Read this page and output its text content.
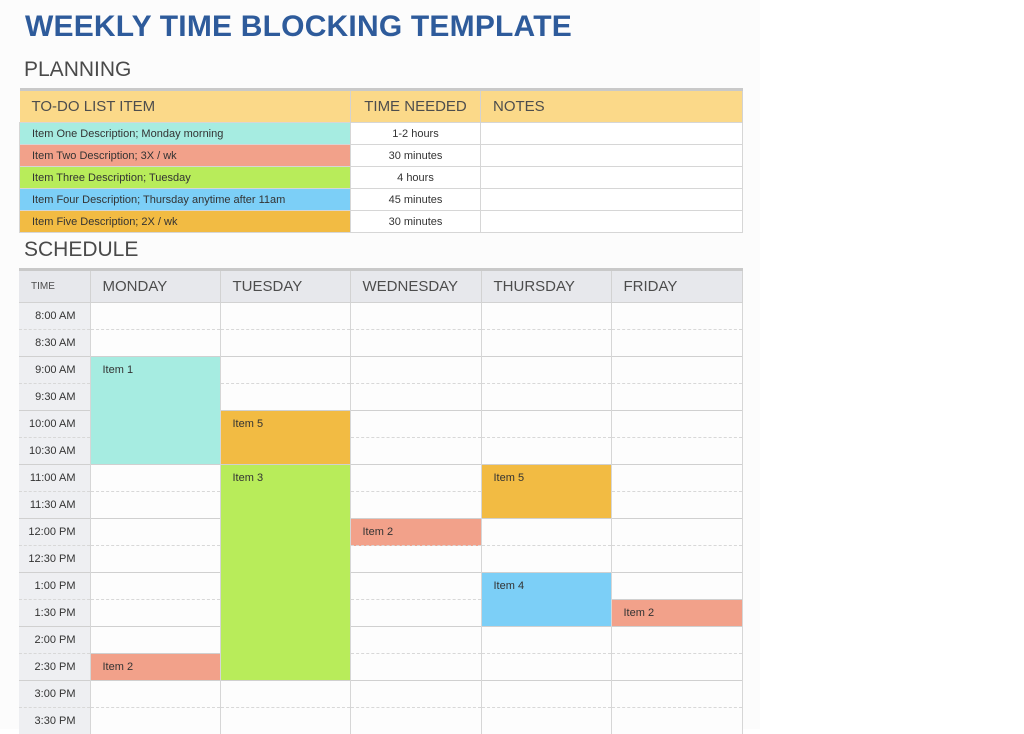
WEEKLY TIME BLOCKING TEMPLATE
PLANNING
TO-DO LIST ITEM	TIME NEEDED	NOTES
Item One Description; Monday morning	1-2 hours	
Item Two Description; 3X / wk	30 minutes	
Item Three Description; Tuesday	4 hours	
Item Four Description; Thursday anytime after 11am	45 minutes	
Item Five Description; 2X / wk	30 minutes	
SCHEDULE
TIME	MONDAY	TUESDAY	WEDNESDAY	THURSDAY	FRIDAY
8:00 AM					
8:30 AM					
9:00 AM	Item 1				
9:30 AM					
10:00 AM		Item 5			
10:30 AM					
11:00 AM		Item 3		Item 5	
11:30 AM					
12:00 PM			Item 2		
12:30 PM					
1:00 PM				Item 4	
1:30 PM					Item 2
2:00 PM					
2:30 PM	Item 2				
3:00 PM					
3:30 PM					
